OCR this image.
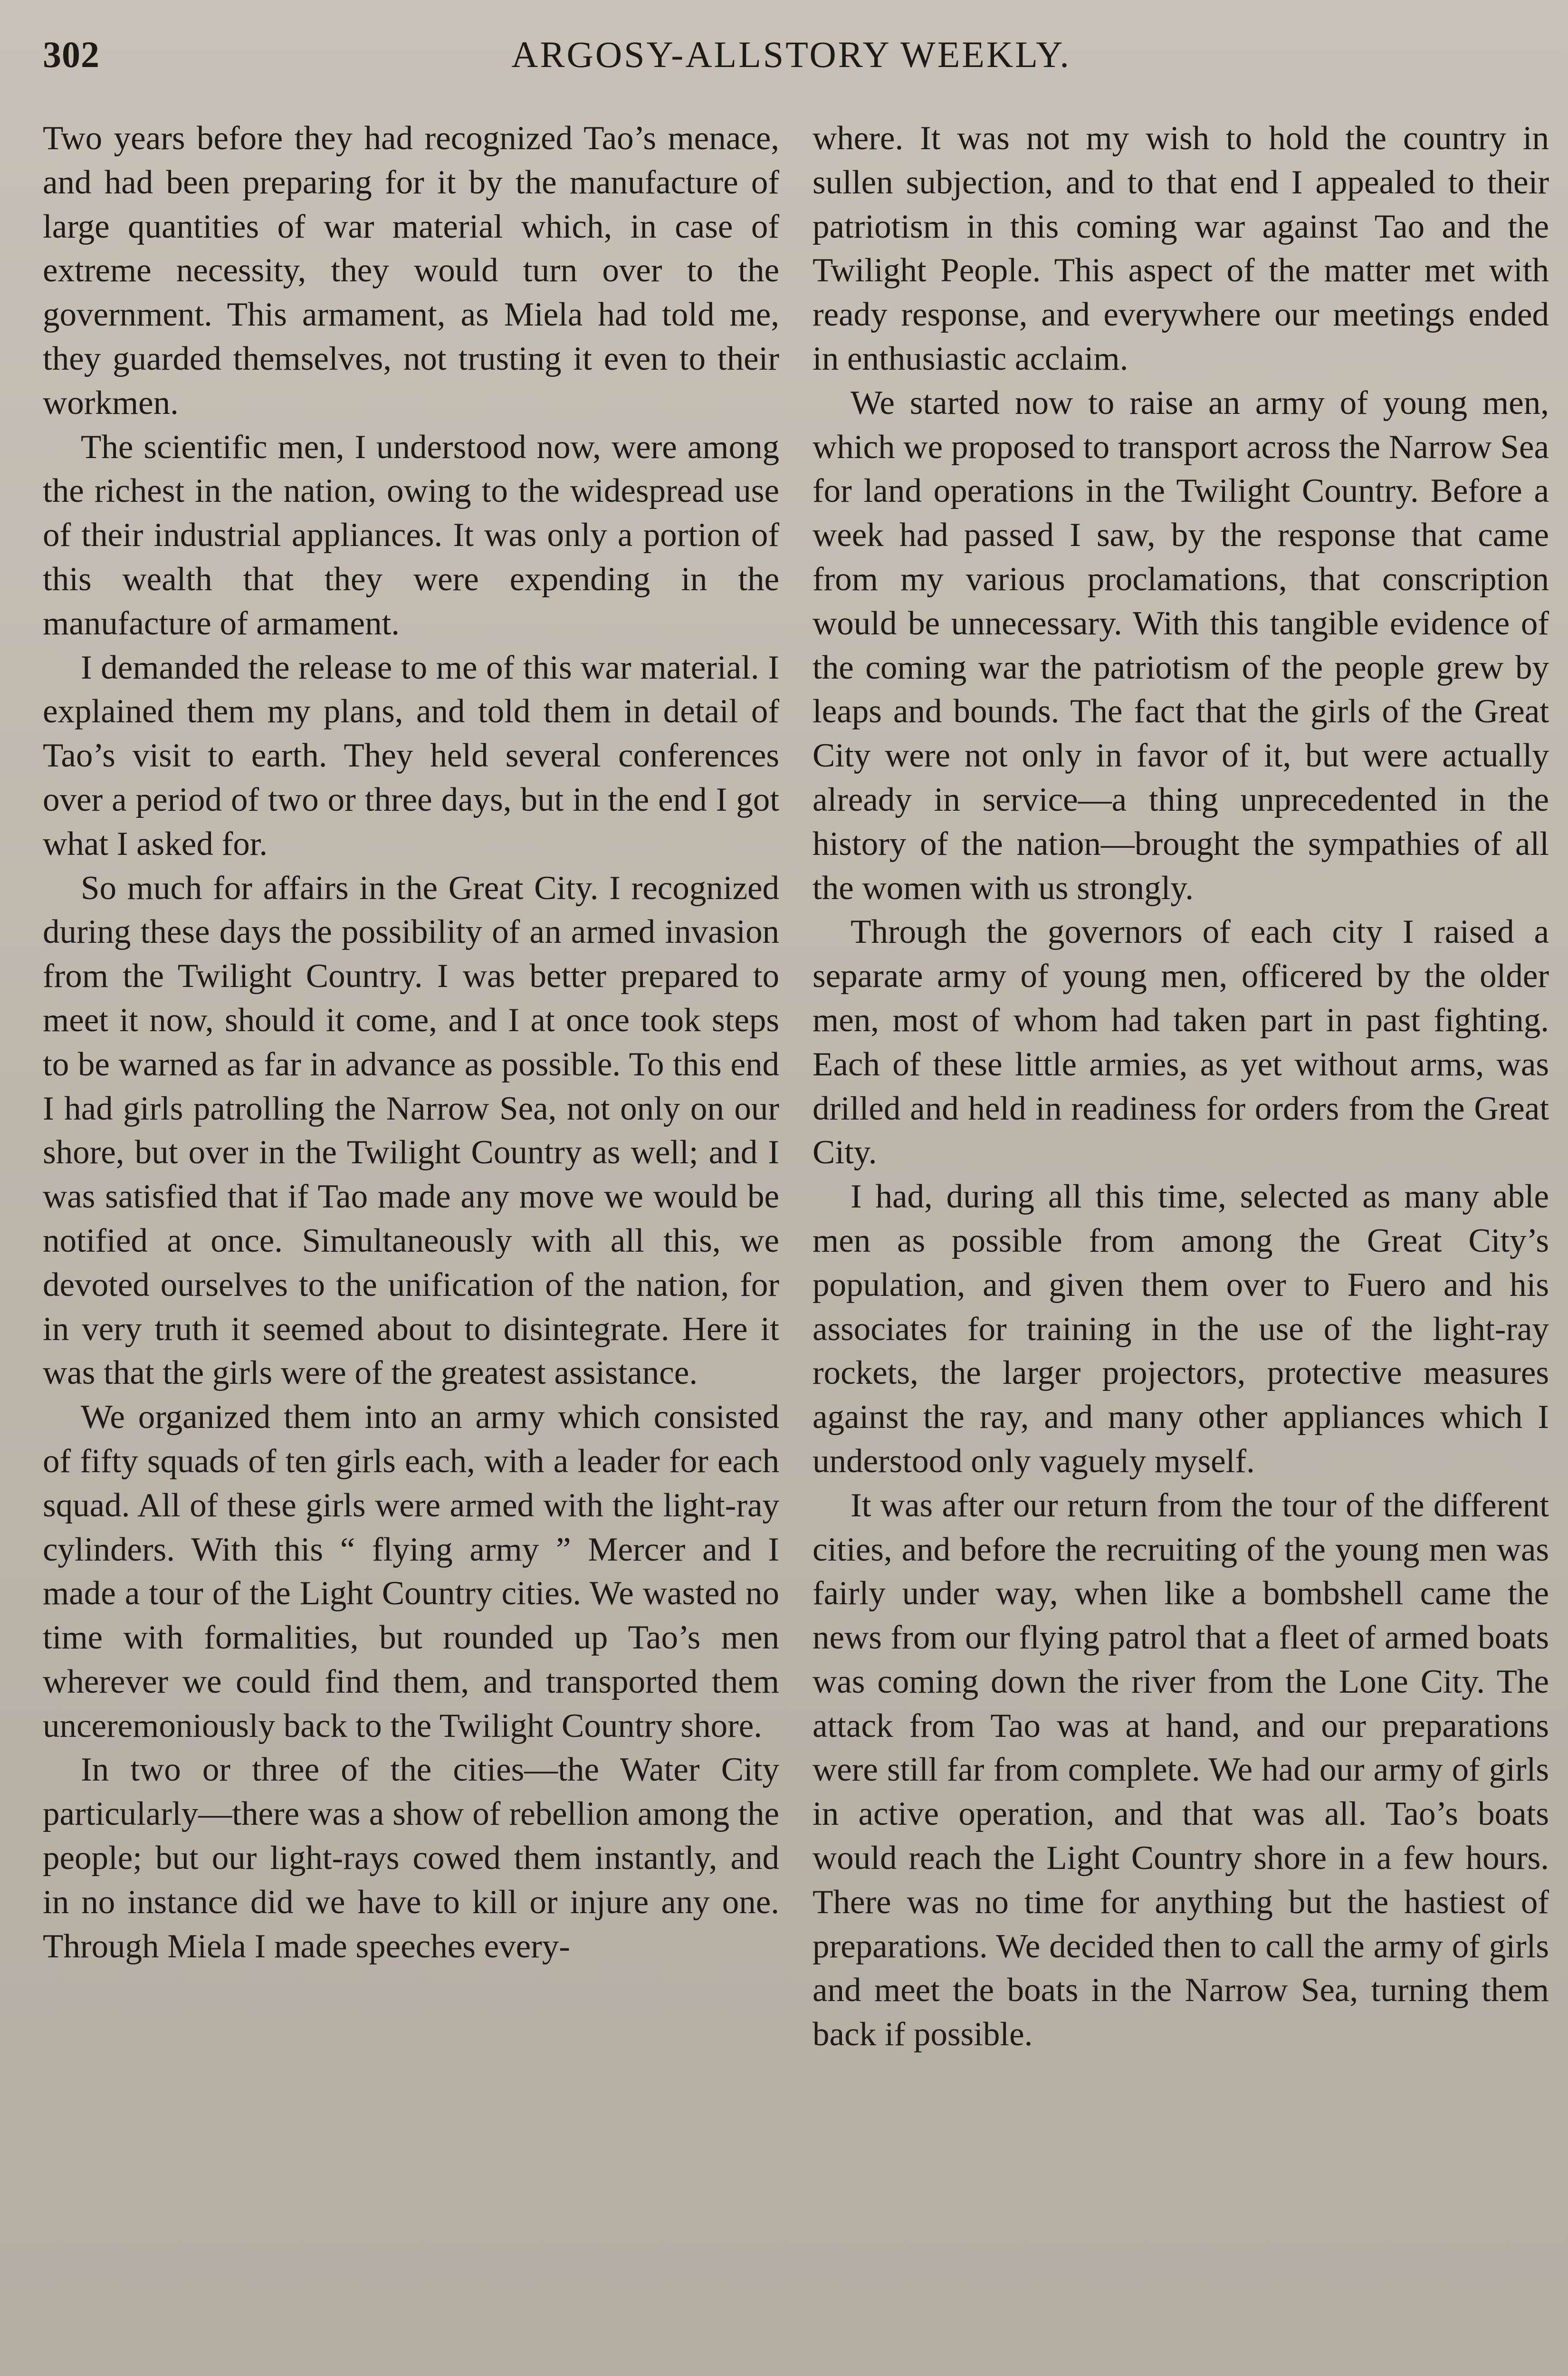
302	ARGOSY-ALLSTORY WEEKLY.

Two years before they had recognized Tao’s menace, and had been preparing for it by the manufacture of large quantities of war material which, in case of extreme necessity, they would turn over to the government. This armament, as Miela had told me, they guarded themselves, not trusting it even to their workmen.

The scientific men, I understood now, were among the richest in the nation, owing to the widespread use of their industrial appliances. It was only a portion of this wealth that they were expending in the manufacture of armament.

I demanded the release to me of this war material. I explained them my plans, and told them in detail of Tao’s visit to earth. They held several conferences over a period of two or three days, but in the end I got what I asked for.

So much for affairs in the Great City. I recognized during these days the possibility of an armed invasion from the Twilight Country. I was better prepared to meet it now, should it come, and I at once took steps to be warned as far in advance as possible. To this end I had girls patrolling the Narrow Sea, not only on our shore, but over in the Twilight Country as well; and I was satisfied that if Tao made any move we would be notified at once. Simultaneously with all this, we devoted ourselves to the unification of the nation, for in very truth it seemed about to disintegrate. Here it was that the girls were of the greatest assistance.

We organized them into an army which consisted of fifty squads of ten girls each, with a leader for each squad. All of these girls were armed with the light-ray cylinders. With this “ flying army ” Mercer and I made a tour of the Light Country cities. We wasted no time with formalities, but rounded up Tao’s men wherever we could find them, and transported them unceremoniously back to the Twilight Country shore.

In two or three of the cities—the Water City particularly—there was a show of rebellion among the people; but our light-rays cowed them instantly, and in no instance did we have to kill or injure any one. Through Miela I made speeches every-

where. It was not my wish to hold the country in sullen subjection, and to that end I appealed to their patriotism in this coming war against Tao and the Twilight People. This aspect of the matter met with ready response, and everywhere our meetings ended in enthusiastic acclaim.

We started now to raise an army of young men, which we proposed to transport across the Narrow Sea for land operations in the Twilight Country. Before a week had passed I saw, by the response that came from my various proclamations, that conscription would be unnecessary. With this tangible evidence of the coming war the patriotism of the people grew by leaps and bounds. The fact that the girls of the Great City were not only in favor of it, but were actually already in service—a thing unprecedented in the history of the nation—brought the sympathies of all the women with us strongly.

Through the governors of each city I raised a separate army of young men, officered by the older men, most of whom had taken part in past fighting. Each of these little armies, as yet without arms, was drilled and held in readiness for orders from the Great City.

I had, during all this time, selected as many able men as possible from among the Great City’s population, and given them over to Fuero and his associates for training in the use of the light-ray rockets, the larger projectors, protective measures against the ray, and many other appliances which I understood only vaguely myself.

It was after our return from the tour of the different cities, and before the recruiting of the young men was fairly under way, when like a bombshell came the news from our flying patrol that a fleet of armed boats was coming down the river from the Lone City. The attack from Tao was at hand, and our preparations were still far from complete. We had our army of girls in active operation, and that was all. Tao’s boats would reach the Light Country shore in a few hours. There was no time for anything but the hastiest of preparations. We decided then to call the army of girls and meet the boats in the Narrow Sea, turning them back if possible.
